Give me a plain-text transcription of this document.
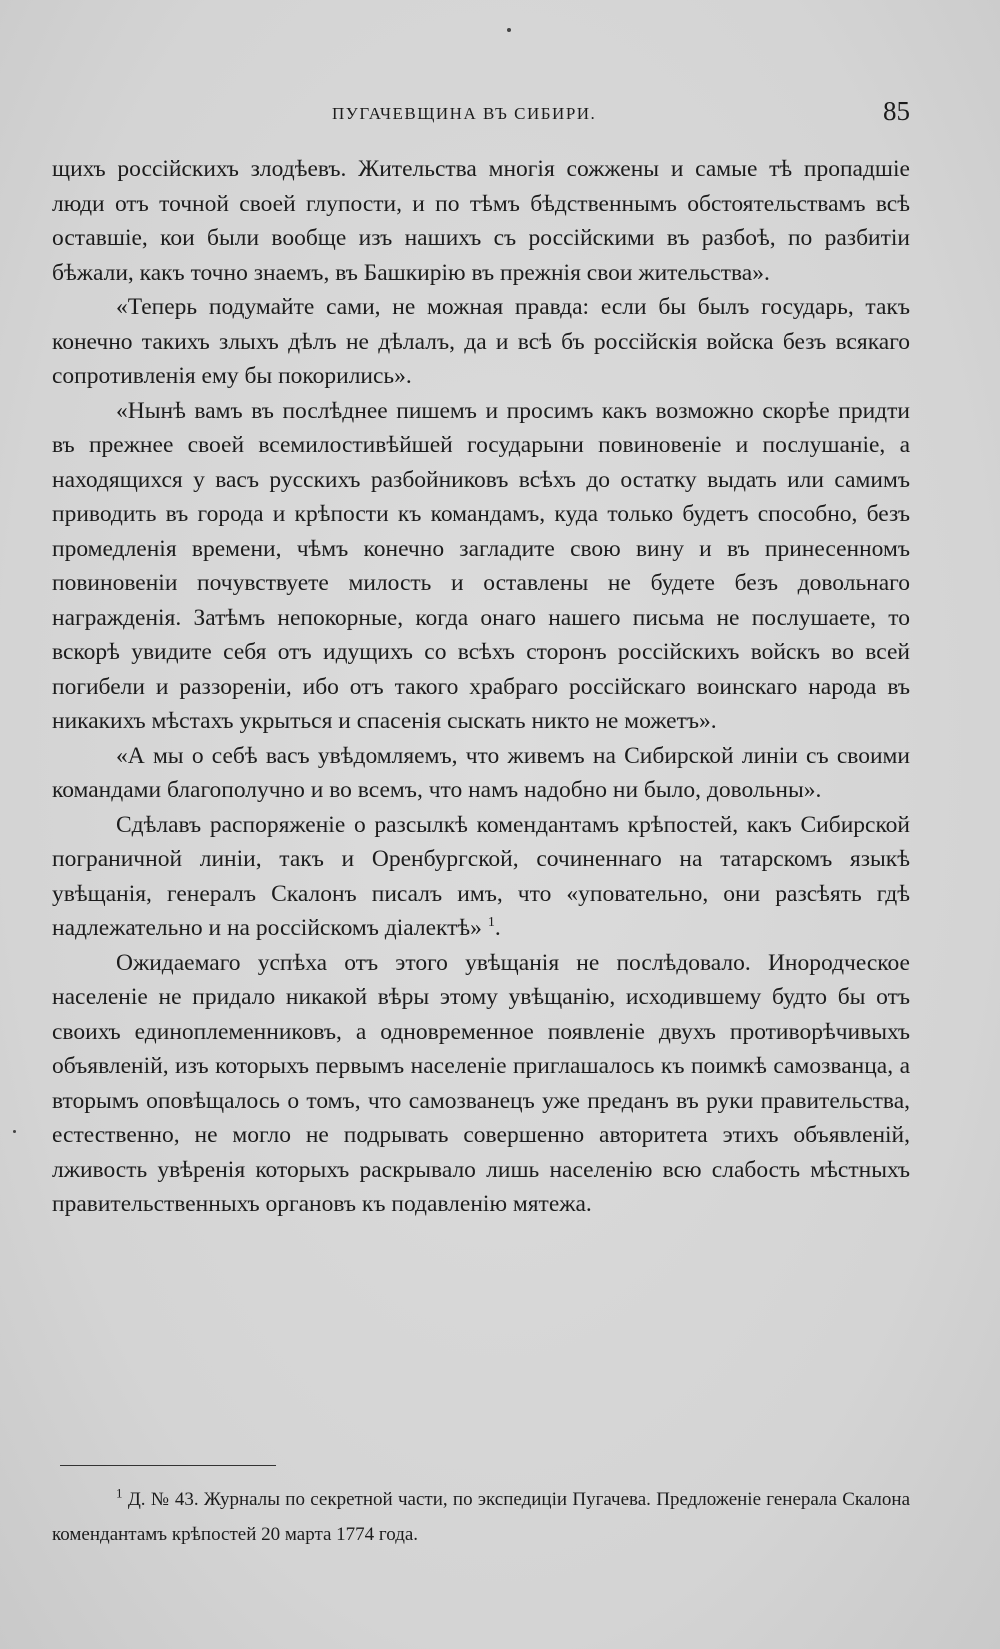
ПУГАЧЕВЩИНА ВЪ СИБИРИ.	85

щихъ россійскихъ злодѣевъ. Жительства многія сожжены и самые тѣ пропадшіе люди отъ точной своей глупости, и по тѣмъ бѣдственнымъ обстоятельствамъ всѣ оставшіе, кои были вообще изъ нашихъ съ россійскими въ разбоѣ, по разбитіи бѣжали, какъ точно знаемъ, въ Башкирію въ прежнія свои жительства».

«Теперь подумайте сами, не можная правда: если бы былъ государь, такъ конечно такихъ злыхъ дѣлъ не дѣлалъ, да и всѣ бъ россійскія войска безъ всякаго сопротивленія ему бы покорились».

«Нынѣ вамъ въ послѣднее пишемъ и просимъ какъ возможно скорѣе придти въ прежнее своей всемилостивѣйшей государыни повиновеніе и послушаніе, а находящихся у васъ русскихъ разбойниковъ всѣхъ до остатку выдать или самимъ приводить въ города и крѣпости къ командамъ, куда только будетъ способно, безъ промедленія времени, чѣмъ конечно загладите свою вину и въ принесенномъ повиновеніи почувствуете милость и оставлены не будете безъ довольнаго награжденія. Затѣмъ непокорные, когда онаго нашего письма не послушаете, то вскорѣ увидите себя отъ идущихъ со всѣхъ сторонъ россійскихъ войскъ во всей погибели и раззореніи, ибо отъ такого храбраго россійскаго воинскаго народа въ никакихъ мѣстахъ укрыться и спасенія сыскать никто не можетъ».

«А мы о себѣ васъ увѣдомляемъ, что живемъ на Сибирской линіи съ своими командами благополучно и во всемъ, что намъ надобно ни было, довольны».

Сдѣлавъ распоряженіе о разсылкѣ комендантамъ крѣпостей, какъ Сибирской пограничной линіи, такъ и Оренбургской, сочиненнаго на татарскомъ языкѣ увѣщанія, генералъ Скалонъ писалъ имъ, что «уповательно, они разсѣять гдѣ надлежательно и на россійскомъ діалектѣ» $^1$.

Ожидаемаго успѣха отъ этого увѣщанія не послѣдовало. Инородческое населеніе не придало никакой вѣры этому увѣщанію, исходившему будто бы отъ своихъ единоплеменниковъ, а одновременное появленіе двухъ противорѣчивыхъ объявленій, изъ которыхъ первымъ населеніе приглашалось къ поимкѣ самозванца, а вторымъ оповѣщалось о томъ, что самозванецъ уже преданъ въ руки правительства, естественно, не могло не подрывать совершенно авторитета этихъ объявленій, лживость увѣренія которыхъ раскрывало лишь населенію всю слабость мѣстныхъ правительственныхъ органовъ къ подавленію мятежа.

$^1$ Д. № 43. Журналы по секретной части, по экспедиціи Пугачева. Предложеніе генерала Скалона комендантамъ крѣпостей 20 марта 1774 года.
